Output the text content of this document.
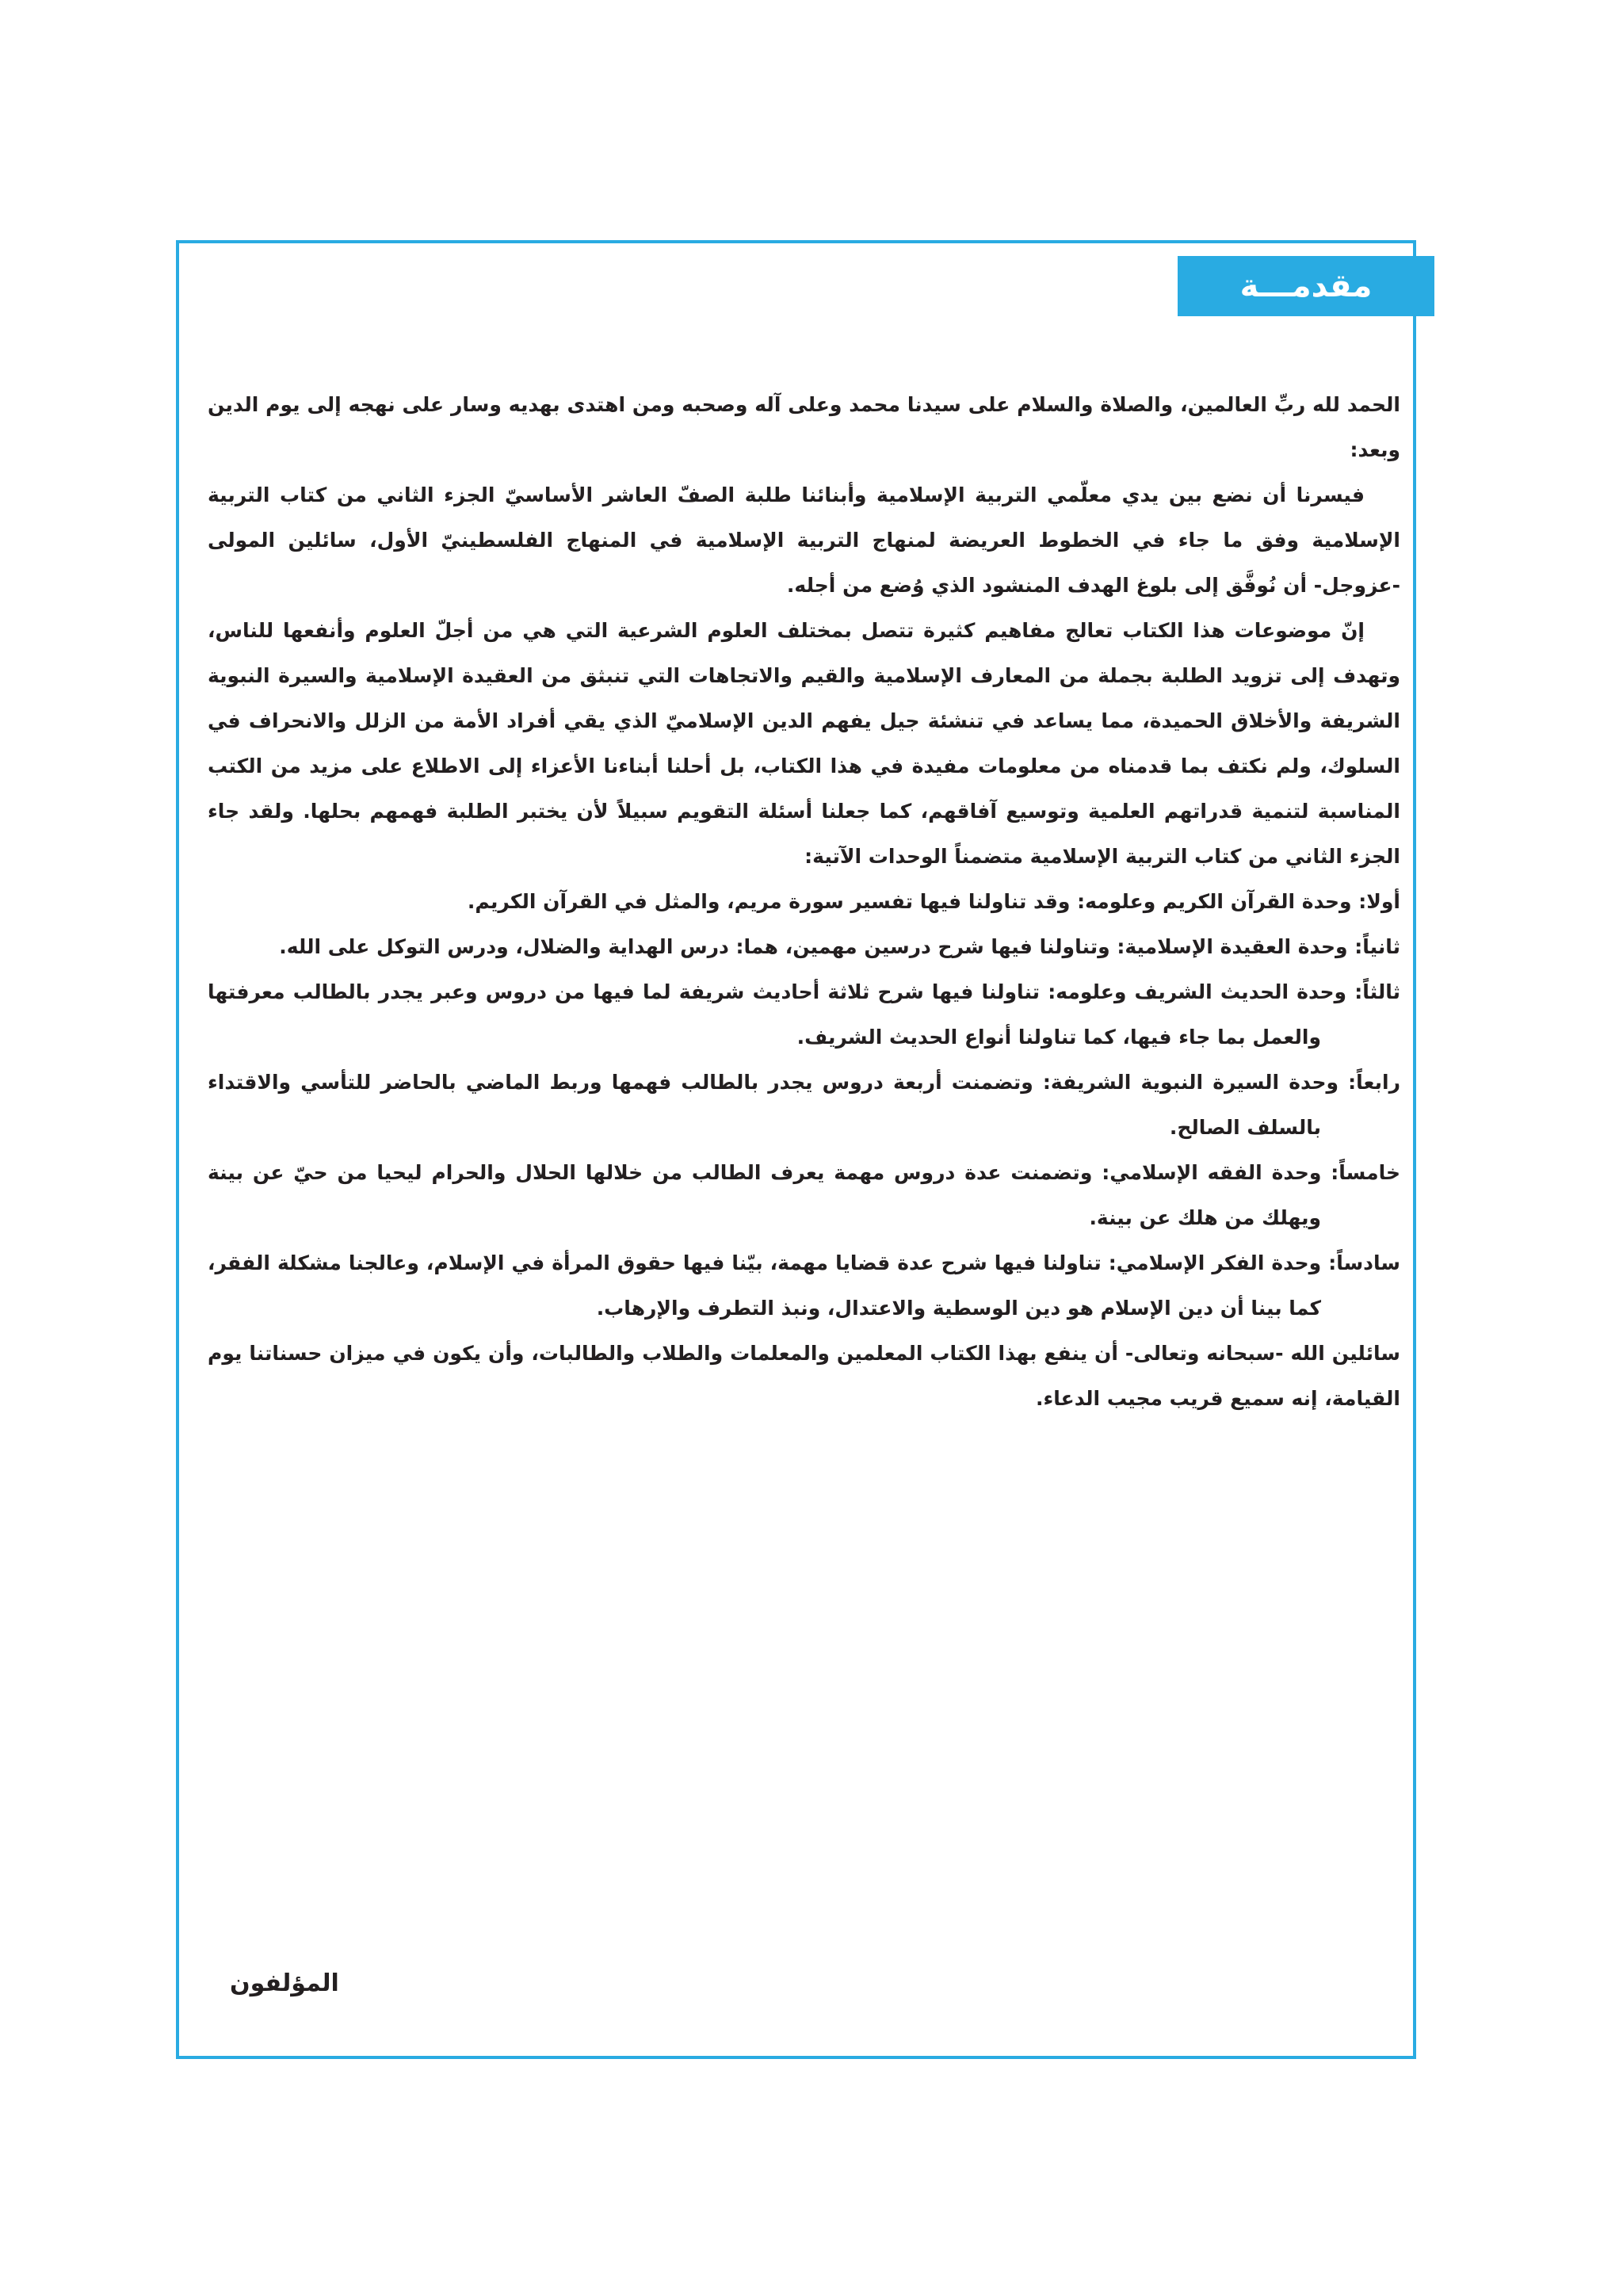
مقدمـــة

الحمد لله ربِّ العالمين، والصلاة والسلام على سيدنا محمد وعلى آله وصحبه ومن اهتدى بهديه وسار على نهجه إلى يوم الدين وبعد:

فيسرنا أن نضع بين يدي معلّمي التربية الإسلامية وأبنائنا طلبة الصفّ العاشر الأساسيّ الجزء الثاني من كتاب التربية الإسلامية وفق ما جاء في الخطوط العريضة لمنهاج التربية الإسلامية في المنهاج الفلسطينيّ الأول، سائلين المولى -عزوجل- أن نُوفَّق إلى بلوغ الهدف المنشود الذي وُضع من أجله.

إنّ موضوعات هذا الكتاب تعالج مفاهيم كثيرة تتصل بمختلف العلوم الشرعية التي هي من أجلّ العلوم وأنفعها للناس، وتهدف إلى تزويد الطلبة بجملة من المعارف الإسلامية والقيم والاتجاهات التي تنبثق من العقيدة الإسلامية والسيرة النبوية الشريفة والأخلاق الحميدة، مما يساعد في تنشئة جيل يفهم الدين الإسلاميّ الذي يقي أفراد الأمة من الزلل والانحراف في السلوك، ولم نكتف بما قدمناه من معلومات مفيدة في هذا الكتاب، بل أحلنا أبناءنا الأعزاء إلى الاطلاع على مزيد من الكتب المناسبة لتنمية قدراتهم العلمية وتوسيع آفاقهم، كما جعلنا أسئلة التقويم سبيلاً لأن يختبر الطلبة فهمهم بحلها. ولقد جاء الجزء الثاني من كتاب التربية الإسلامية متضمناً الوحدات الآتية:

أولا: وحدة القرآن الكريم وعلومه: وقد تناولنا فيها تفسير سورة مريم، والمثل في القرآن الكريم.

ثانياً: وحدة العقيدة الإسلامية: وتناولنا فيها شرح درسين مهمين، هما: درس الهداية والضلال، ودرس التوكل على الله.

ثالثاً: وحدة الحديث الشريف وعلومه: تناولنا فيها شرح ثلاثة أحاديث شريفة لما فيها من دروس وعبر يجدر بالطالب معرفتها والعمل بما جاء فيها، كما تناولنا أنواع الحديث الشريف.

رابعاً: وحدة السيرة النبوية الشريفة: وتضمنت أربعة دروس يجدر بالطالب فهمها وربط الماضي بالحاضر للتأسي والاقتداء بالسلف الصالح.

خامساً: وحدة الفقه الإسلامي: وتضمنت عدة دروس مهمة يعرف الطالب من خلالها الحلال والحرام ليحيا من حيّ عن بينة ويهلك من هلك عن بينة.

سادساً: وحدة الفكر الإسلامي: تناولنا فيها شرح عدة قضايا مهمة، بيّنا فيها حقوق المرأة في الإسلام، وعالجنا مشكلة الفقر، كما بينا أن دين الإسلام هو دين الوسطية والاعتدال، ونبذ التطرف والإرهاب.

سائلين الله -سبحانه وتعالى- أن ينفع بهذا الكتاب المعلمين والمعلمات والطلاب والطالبات، وأن يكون في ميزان حسناتنا يوم القيامة، إنه سميع قريب مجيب الدعاء.

المؤلفون
